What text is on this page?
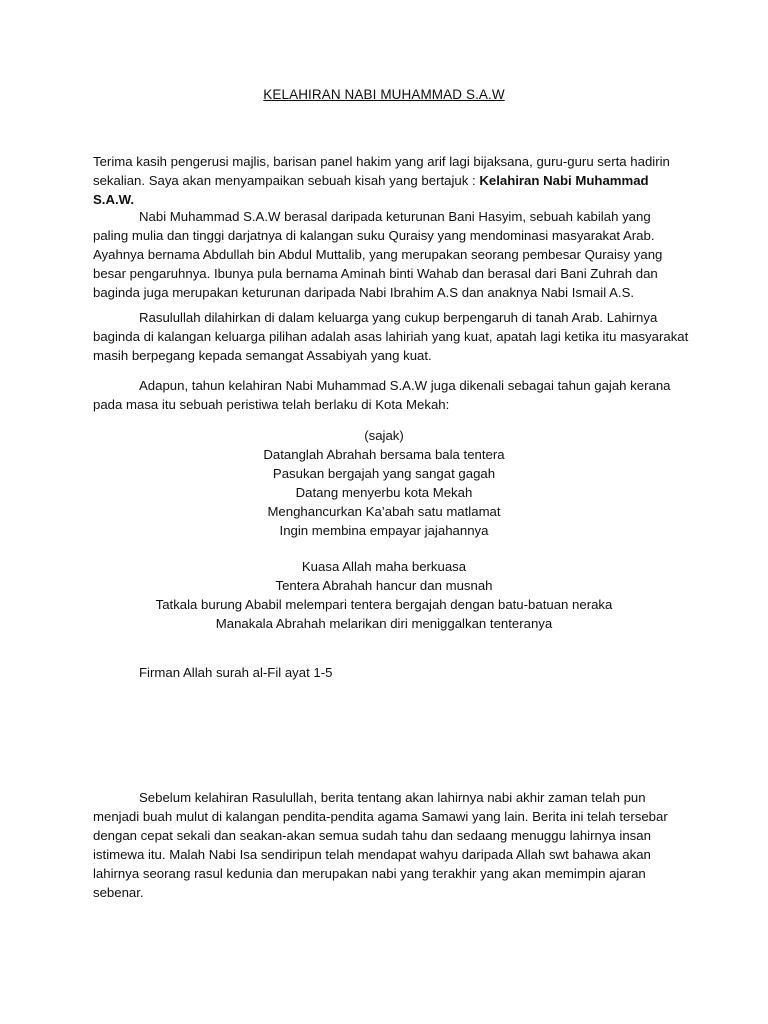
KELAHIRAN NABI MUHAMMAD S.A.W
Terima kasih pengerusi majlis, barisan panel hakim yang arif lagi bijaksana, guru-guru serta hadirin
sekalian. Saya akan menyampaikan sebuah kisah yang bertajuk : Kelahiran Nabi Muhammad S.A.W.
Nabi Muhammad S.A.W berasal daripada keturunan Bani Hasyim, sebuah kabilah yang
paling mulia dan tinggi darjatnya di kalangan suku Quraisy yang mendominasi masyarakat Arab.
Ayahnya bernama Abdullah bin Abdul Muttalib, yang merupakan seorang pembesar Quraisy yang
besar pengaruhnya. Ibunya pula bernama Aminah binti Wahab dan berasal dari Bani Zuhrah dan
baginda juga merupakan keturunan daripada Nabi Ibrahim A.S dan anaknya Nabi Ismail A.S.
Rasulullah dilahirkan di dalam keluarga yang cukup berpengaruh di tanah Arab. Lahirnya
baginda di kalangan keluarga pilihan adalah asas lahiriah yang kuat, apatah lagi ketika itu masyarakat
masih berpegang kepada semangat Assabiyah yang kuat.
Adapun, tahun kelahiran Nabi Muhammad S.A.W juga dikenali sebagai tahun gajah kerana
pada masa itu sebuah peristiwa telah berlaku di Kota Mekah:
(sajak)
Datanglah Abrahah bersama bala tentera
Pasukan bergajah yang sangat gagah
Datang menyerbu kota Mekah
Menghancurkan Ka’abah satu matlamat
Ingin membina empayar jajahannya
Kuasa Allah maha berkuasa
Tentera Abrahah hancur dan musnah
Tatkala burung Ababil melempari tentera bergajah dengan batu-batuan neraka
Manakala Abrahah melarikan diri meniggalkan tenteranya
Firman Allah surah al-Fil ayat 1-5
Sebelum kelahiran Rasulullah, berita tentang akan lahirnya nabi akhir zaman telah pun
menjadi buah mulut di kalangan pendita-pendita agama Samawi yang lain. Berita ini telah tersebar
dengan cepat sekali dan seakan-akan semua sudah tahu dan sedaang menuggu lahirnya insan
istimewa itu. Malah Nabi Isa sendiripun telah mendapat wahyu daripada Allah swt bahawa akan
lahirnya seorang rasul kedunia dan merupakan nabi yang terakhir yang akan memimpin ajaran
sebenar.
